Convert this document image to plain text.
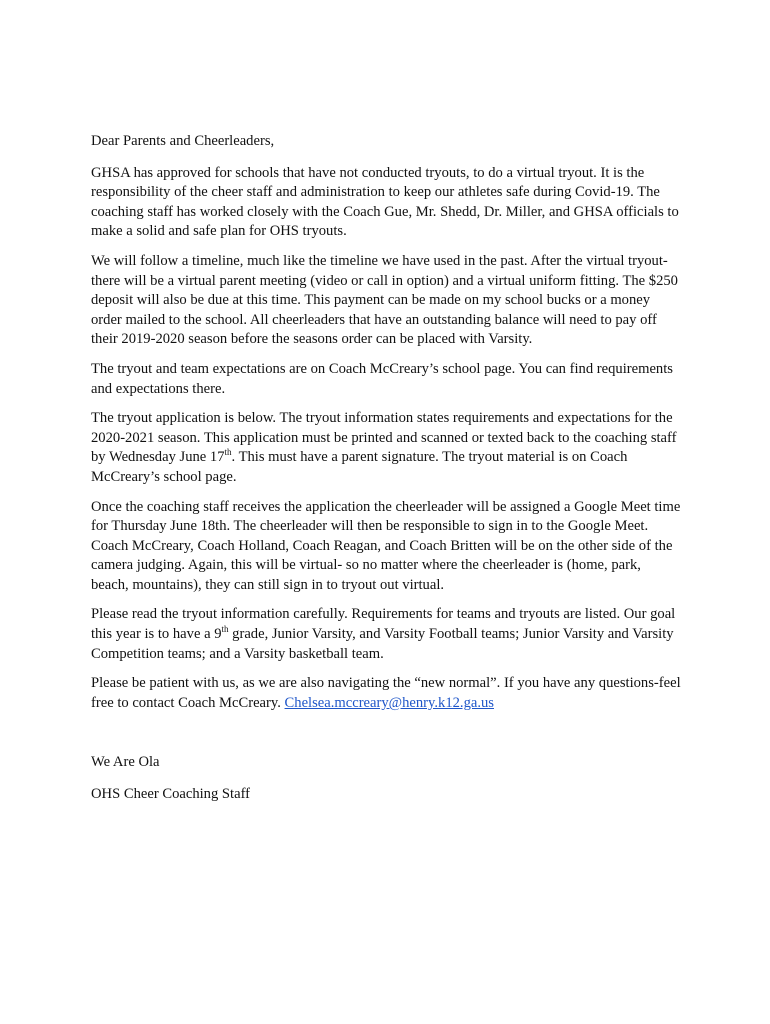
Dear Parents and Cheerleaders,

GHSA has approved for schools that have not conducted tryouts, to do a virtual tryout. It is the responsibility of the cheer staff and administration to keep our athletes safe during Covid-19. The coaching staff has worked closely with the Coach Gue, Mr. Shedd, Dr. Miller, and GHSA officials to make a solid and safe plan for OHS tryouts.

We will follow a timeline, much like the timeline we have used in the past. After the virtual tryout- there will be a virtual parent meeting (video or call in option) and a virtual uniform fitting. The $250 deposit will also be due at this time. This payment can be made on my school bucks or a money order mailed to the school. All cheerleaders that have an outstanding balance will need to pay off their 2019-2020 season before the seasons order can be placed with Varsity.

The tryout and team expectations are on Coach McCreary’s school page. You can find requirements and expectations there.

The tryout application is below. The tryout information states requirements and expectations for the 2020-2021 season. This application must be printed and scanned or texted back to the coaching staff by Wednesday June 17th. This must have a parent signature. The tryout material is on Coach McCreary’s school page.

Once the coaching staff receives the application the cheerleader will be assigned a Google Meet time for Thursday June 18th. The cheerleader will then be responsible to sign in to the Google Meet. Coach McCreary, Coach Holland, Coach Reagan, and Coach Britten will be on the other side of the camera judging. Again, this will be virtual- so no matter where the cheerleader is (home, park, beach, mountains), they can still sign in to tryout out virtual.

Please read the tryout information carefully. Requirements for teams and tryouts are listed. Our goal this year is to have a 9th grade, Junior Varsity, and Varsity Football teams; Junior Varsity and Varsity Competition teams; and a Varsity basketball team.

Please be patient with us, as we are also navigating the “new normal”. If you have any questions-feel free to contact Coach McCreary. Chelsea.mccreary@henry.k12.ga.us

We Are Ola

OHS Cheer Coaching Staff
